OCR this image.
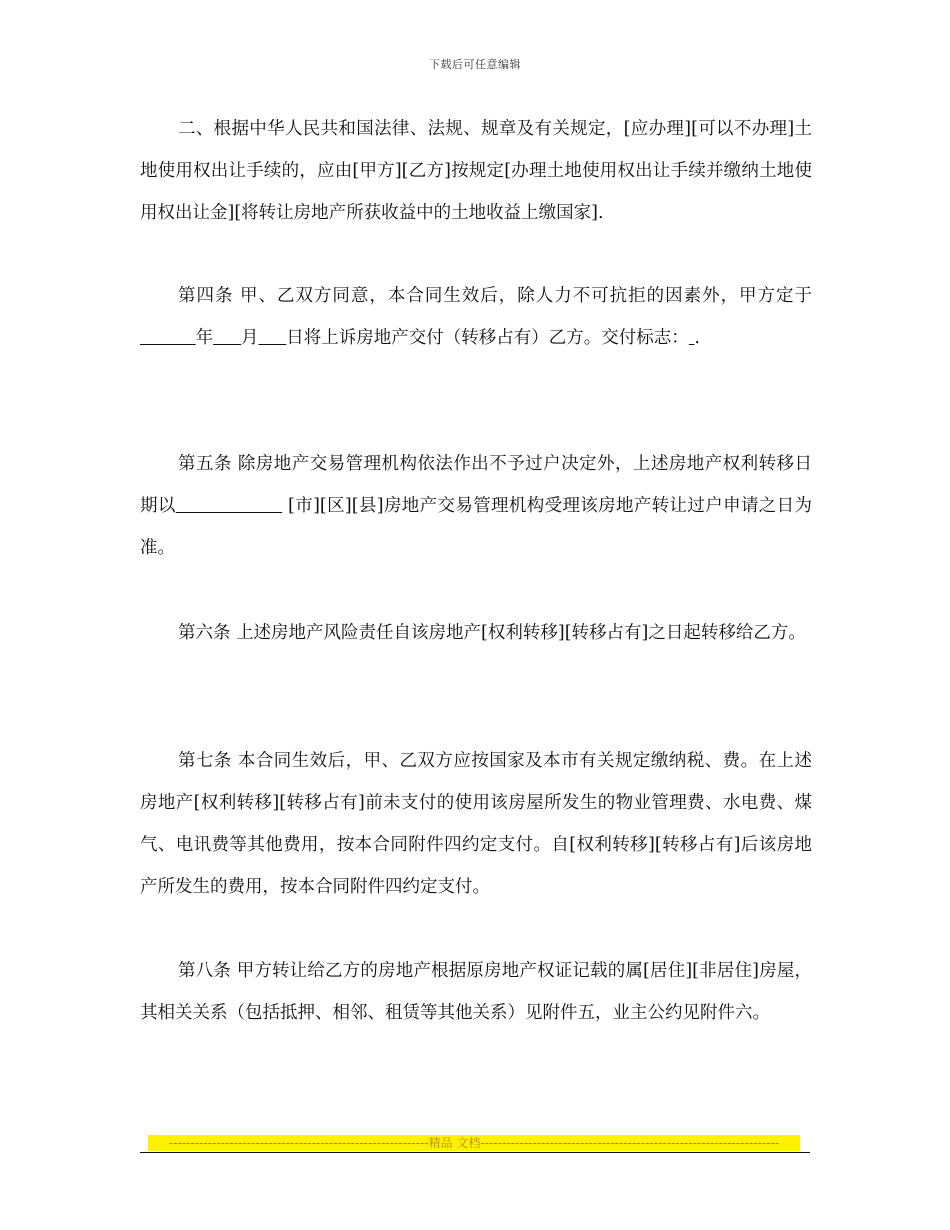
下载后可任意编辑

二、根据中华人民共和国法律、法规、规章及有关规定，[应办理][可以不办理]土地使用权出让手续的，应由[甲方][乙方]按规定[办理土地使用权出让手续并缴纳土地使用权出让金][将转让房地产所获收益中的土地收益上缴国家].

第四条 甲、乙双方同意，本合同生效后，除人力不可抗拒的因素外，甲方定于          年 月 日将上诉房地产交付（转移占有）乙方。交付标志： .

第五条 除房地产交易管理机构依法作出不予过户决定外，上述房地产权利转移日期以	[市][区][县]房地产交易管理机构受理该房地产转让过户申请之日为准。

第六条 上述房地产风险责任自该房地产[权利转移][转移占有]之日起转移给乙方。

第七条 本合同生效后，甲、乙双方应按国家及本市有关规定缴纳税、费。在上述房地产[权利转移][转移占有]前未支付的使用该房屋所发生的物业管理费、水电费、煤气、电讯费等其他费用，按本合同附件四约定支付。自[权利转移][转移占有]后该房地产所发生的费用，按本合同附件四约定支付。

第八条 甲方转让给乙方的房地产根据原房地产权证记载的属[居住][非居住]房屋，其相关关系（包括抵押、相邻、租赁等其他关系）见附件五，业主公约见附件六。

------------------------------------------------------------精品 文档---------------------------------------------------------------------
